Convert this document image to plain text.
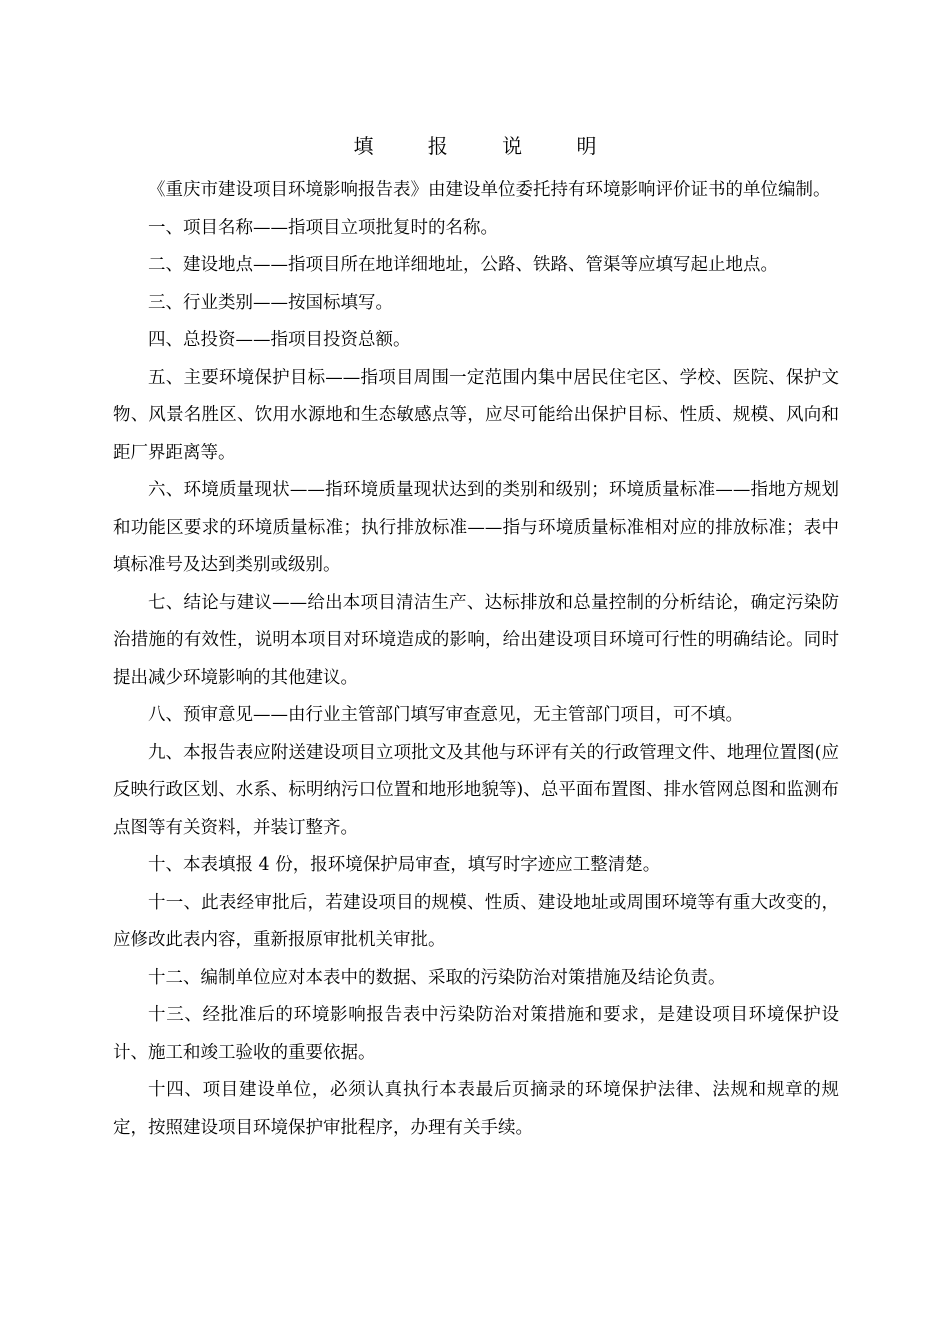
填 报 说 明

《重庆市建设项目环境影响报告表》由建设单位委托持有环境影响评价证书的单位编制。

一、项目名称——指项目立项批复时的名称。

二、建设地点——指项目所在地详细地址，公路、铁路、管渠等应填写起止地点。

三、行业类别——按国标填写。

四、总投资——指项目投资总额。

五、主要环境保护目标——指项目周围一定范围内集中居民住宅区、学校、医院、保护文物、风景名胜区、饮用水源地和生态敏感点等，应尽可能给出保护目标、性质、规模、风向和距厂界距离等。

六、环境质量现状——指环境质量现状达到的类别和级别；环境质量标准——指地方规划和功能区要求的环境质量标准；执行排放标准——指与环境质量标准相对应的排放标准；表中填标准号及达到类别或级别。

七、结论与建议——给出本项目清洁生产、达标排放和总量控制的分析结论，确定污染防治措施的有效性，说明本项目对环境造成的影响，给出建设项目环境可行性的明确结论。同时提出减少环境影响的其他建议。

八、预审意见——由行业主管部门填写审查意见，无主管部门项目，可不填。

九、本报告表应附送建设项目立项批文及其他与环评有关的行政管理文件、地理位置图(应反映行政区划、水系、标明纳污口位置和地形地貌等)、总平面布置图、排水管网总图和监测布点图等有关资料，并装订整齐。

十、本表填报 4 份，报环境保护局审查，填写时字迹应工整清楚。

十一、此表经审批后，若建设项目的规模、性质、建设地址或周围环境等有重大改变的，应修改此表内容，重新报原审批机关审批。

十二、编制单位应对本表中的数据、采取的污染防治对策措施及结论负责。

十三、经批准后的环境影响报告表中污染防治对策措施和要求，是建设项目环境保护设计、施工和竣工验收的重要依据。

十四、项目建设单位，必须认真执行本表最后页摘录的环境保护法律、法规和规章的规定，按照建设项目环境保护审批程序，办理有关手续。
